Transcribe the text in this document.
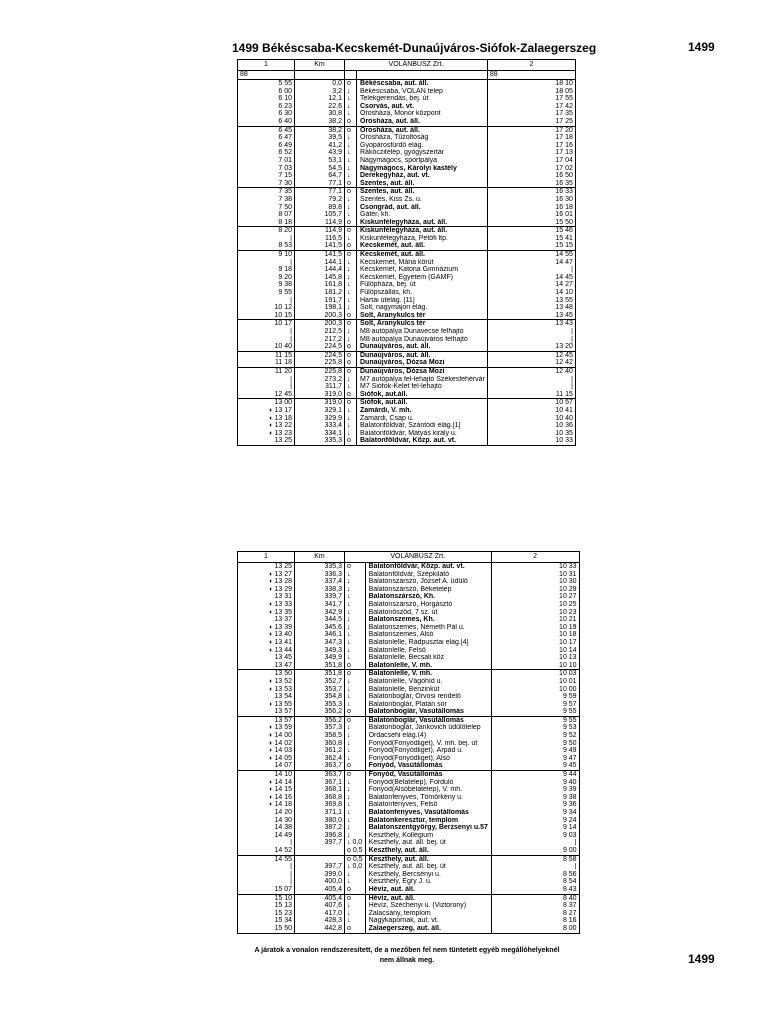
1499 Békéscsaba-Kecskemét-Dunaújváros-Siófok-Zalaegerszeg	1499
1	Km	VOLÁNBUSZ Zrt.		2
88				88
5 55	0,0	o	Békéscsaba, aut. áll.	18 10
6 00	3,2	↓	Békéscsaba, VOLÁN telep	18 05
6 10	12,1	↓	Telekgerendás, bej. út	17 55
6 23	22,6	↓	Csorvás, aut. vt.	17 42
6 30	30,8	↓	Orosháza, Monor központ	17 35
6 40	38,2	o	Orosháza, aut. áll.	17 25
6 45	38,2	o	Orosháza, aut. áll.	17 20
6 47	39,5	↓	Orosháza, Tűzoltóság	17 18
6 49	41,2	↓	Gyopárosfürdő elág.	17 16
6 52	43,9	↓	Rákóczitelep, gyógyszertár	17 13
7 01	53,1	↓	Nagymágocs, sportpálya	17 04
7 03	54,5	↓	Nagymágocs, Károlyi kastély	17 02
7 15	64,7	↓	Derekegyház, aut. vt.	16 50
7 30	77,1	o	Szentes, aut. áll.	16 35
7 35	77,1	o	Szentes, aut. áll.	16 33
7 38	79,2	↓	Szentes, Kiss Zs. u.	16 30
7 50	89,8	↓	Csongrád, aut. áll.	16 18
8 07	105,7	↓	Gátér, kh.	16 01
8 18	114,9	o	Kiskunfélegyháza, aut. áll.	15 50
8 20	114,9	o	Kiskunfélegyháza, aut. áll.	15 46
|	116,5	↓	Kiskunfélegyháza, Petőfi ltp.	15 41
8 53	141,5	o	Kecskemét, aut. áll.	15 15
9 10	141,5	o	Kecskemét, aut. áll.	14 55
|	144,1	↓	Kecskemét, Mária körút	14 47
9 18	144,4	↓	Kecskemét, Katona Gimnázium	|
9 20	145,8	↓	Kecskemét, Egyetem (GAMF)	14 45
9 38	161,8	↓	Fülöpháza, bej. út	14 27
9 55	181,2	↓	Fülöpszállás, kh.	14 10
|	191,7	↓	Hartai útelág. [11]	13 55
10 12	198,1	↓	Solt, nagymajori elág.	13 48
10 15	200,3	o	Solt, Aranykulcs tér	13 45
10 17	200,3	o	Solt, Aranykulcs tér	13 43
|	212,5	↓	M8 autópálya Dunavecse felhajtó	|
|	217,2	↓	M8 autópálya Dunaújváros felhajtó	|
10 40	224,5	o	Dunaújváros, aut. áll.	13 20
11 15	224,5	o	Dunaújváros, aut. áll.	12 45
11 18	225,8	o	Dunaújváros, Dózsa Mozi	12 42
11 20	225,8	o	Dunaújváros, Dózsa Mozi	12 40
|	273,2	↓	M7 autópálya fel-lehajtó Székesfehérvár	|
|	311,7	↓	M7 Siófok-Kelet fel-lehajtó	|
12 45	319,0	o	Siófok, aut.áll.	11 15
13 00	319,0	o	Siófok, aut.áll.	10 57
◖ 13 17	329,1	↓	Zamárdi, V. mh.	10 41
◖ 13 18	329,9	↓	Zamárdi, Csap u.	10 40
◖ 13 22	333,4	↓	Balatonföldvár, Szántódi elág.[1]	10 36
◖ 13 23	334,1	↓	Balatonföldvár, Mátyás király u.	10 35
13 25	335,3	o	Balatonföldvár, Közp. aut. vt.	10 33
1	Km	VOLÁNBUSZ Zrt.		2
13 25	335,3	o	Balatonföldvár, Közp. aut. vt.	10 33
◖ 13 27	336,3	↓	Balatonföldvár, Szépkilátó	10 31
◖ 13 28	337,4	↓	Balatonszárszó, József A. üdülő	10 30
◖ 13 29	338,3	↓	Balatonszárszó, Béketelep	10 29
13 31	339,7	↓	Balatonszárszó, Kh.	10 27
◖ 13 33	341,7	↓	Balatonszárszó, Horgásztó	10 25
◖ 13 35	342,9	↓	Balatonőszöd, 7 sz. út	10 23
13 37	344,5	↓	Balatonszemes, Kh.	10 21
◖ 13 39	345,6	↓	Balatonszemes, Németh Pál u.	10 19
◖ 13 40	346,1	↓	Balatonszemes, Alsó	10 18
◖ 13 41	347,3	↓	Balatonlelle, Rádpusztai elág.[4]	10 17
◖ 13 44	349,3	↓	Balatonlelle, Felső	10 14
13 45	349,9	↓	Balatonlelle, Becsali köz	10 13
13 47	351,8	o	Balatonlelle, V. mh.	10 10
13 50	351,8	o	Balatonlelle, V. mh.	10 03
◖ 13 52	352,7	↓	Balatonlelle, Vágóhíd u.	10 01
◖ 13 53	353,7	↓	Balatonlelle, Benzinkút	10 00
13 54	354,8	↓	Balatonboglár, Orvosi rendelő	9 59
◖ 13 55	355,3	↓	Balatonboglár, Platán sor	9 57
13 57	356,2	o	Balatonboglár, Vasútállomás	9 55
13 57	356,2	o	Balatonboglár, Vasútállomás	9 55
◖ 13 59	357,3	↓	Balatonboglár, Jankovich üdülőtelep	9 53
◖ 14 00	358,5	↓	Ordacsehi elág.(4)	9 52
◖ 14 02	360,8	↓	Fonyód(Fonyódliget), V. mh. bej. út	9 50
◖ 14 03	361,2	↓	Fonyód(Fonyódliget), Árpád u.	9 49
◖ 14 05	362,4	↓	Fonyód(Fonyódliget), Alsó	9 47
14 07	363,7	o	Fonyód, Vasútállomás	9 45
14 10	363,7	o	Fonyód, Vasútállomás	9 44
◖ 14 14	367,1	↓	Fonyód(Bélatelep), Forduló	9 40
◖ 14 15	368,1	↓	Fonyód(Alsóbélatelep), V. mh.	9 39
◖ 14 16	368,8	↓	Balatonfenyves, Tömörkény u.	9 38
◖ 14 18	369,8	↓	Balatonfenyves, Felső	9 36
14 20	371,1	↓	Balatonfenyves, Vasútállomás	9 34
14 30	380,0	↓	Balatonkeresztúr, templom	9 24
14 38	387,2	↓	Balatonszentgyörgy, Berzsenyi u.57	9 14
14 49	396,8	↓	Keszthely, Kollégium	9 03
|	397,7	↓ 0,0	Keszthely, aut. áll. bej. út	|
14 52		o 0,5	Keszthely, aut. áll.	9 00
14 55		o 0,5	Keszthely, aut. áll.	8 58
|	397,7	↓ 0,0	Keszthely, aut. áll. bej. út	|
|	399,0	↓	Keszthely, Bercsényi u.	8 56
|	400,0	↓	Keszthely, Egry J. u.	8 54
15 07	405,4	o	Hévíz, aut. áll.	8 43
15 10	405,4	o	Hévíz, aut. áll.	8 40
15 13	407,6	↓	Hévíz, Széchenyi u. (Viztorony)	8 37
15 23	417,0	↓	Zalacsány, templom	8 27
15 34	428,3	↓	Nagykapornak, aut. vt.	8 16
15 50	442,8	o	Zalaegerszeg, aut. áll.	8 00
A járatok a vonalon rendszeresített, de a mezőben fel nem tüntetett egyéb megállóhelyeknél
nem állnak meg.	1499
